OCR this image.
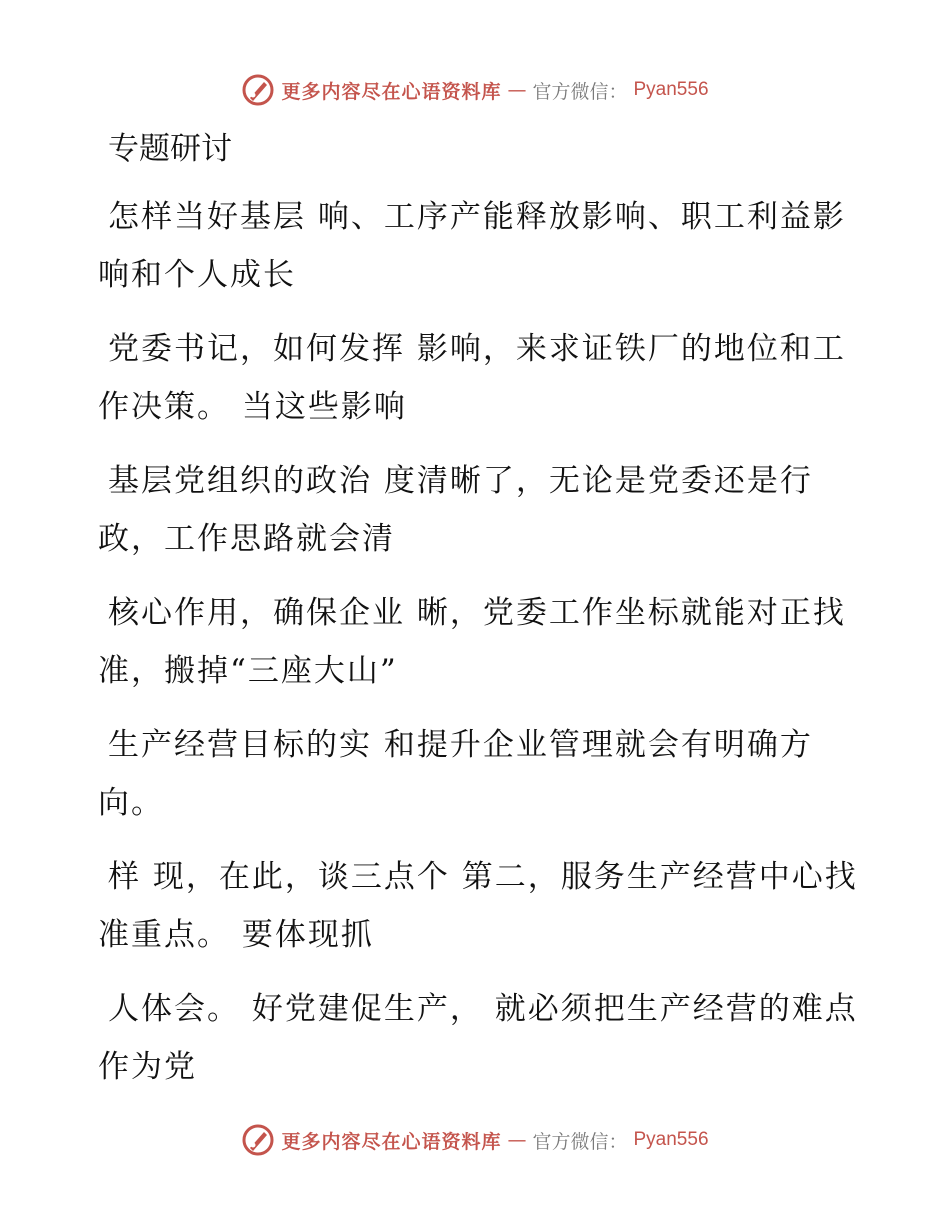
更多内容尽在心语资料库 — 官方微信： Pyan556
专题研讨

怎样当好基层 响、工序产能释放影响、职工利益影响和个人成长

党委书记，如何发挥 影响，来求证铁厂的地位和工作决策。 当这些影响

基层党组织的政治 度清晰了，无论是党委还是行政，工作思路就会清

核心作用，确保企业 晰，党委工作坐标就能对正找准，搬掉“三座大山”

生产经营目标的实 和提升企业管理就会有明确方向。

样 现，在此，谈三点个 第二，服务生产经营中心找准重点。 要体现抓

人体会。 好党建促生产， 就必须把生产经营的难点作为党

更多内容尽在心语资料库 — 官方微信： Pyan556
